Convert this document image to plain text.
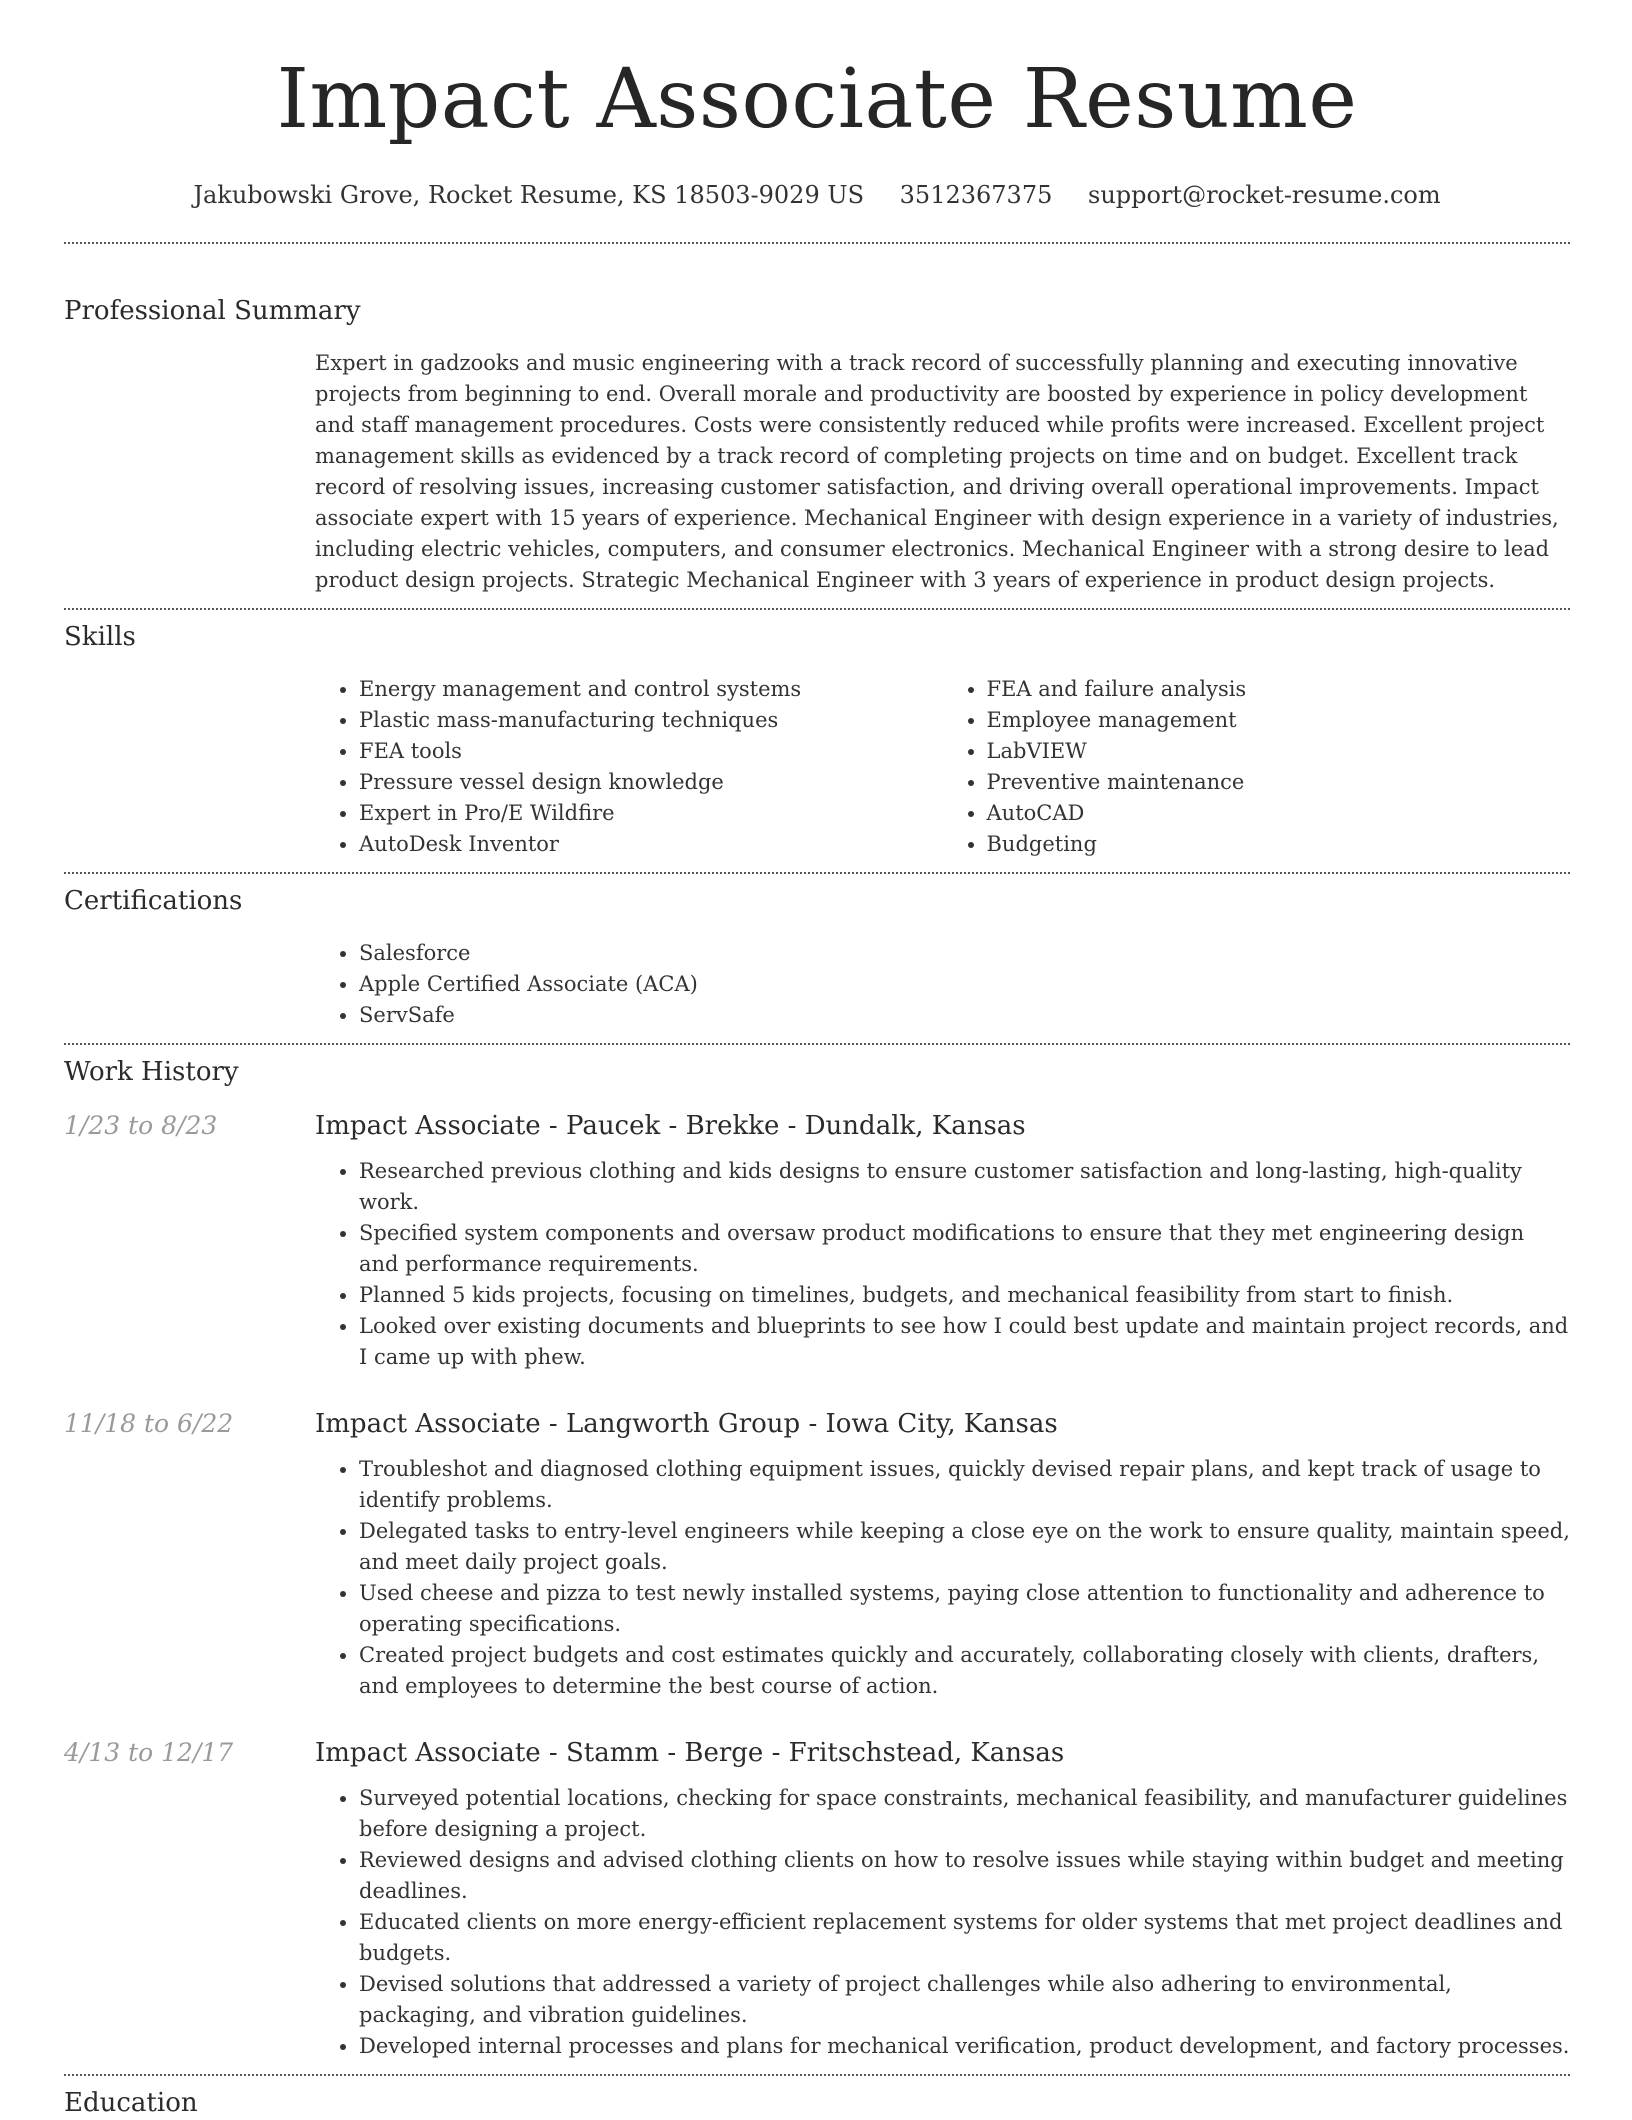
Impact Associate Resume
Jakubowski Grove, Rocket Resume, KS 18503-9029 US 3512367375 support@rocket-resume.com
Professional Summary

Expert in gadzooks and music engineering with a track record of successfully planning and executing innovative projects from beginning to end. Overall morale and productivity are boosted by experience in policy development and staff management procedures. Costs were consistently reduced while profits were increased. Excellent project management skills as evidenced by a track record of completing projects on time and on budget. Excellent track record of resolving issues, increasing customer satisfaction, and driving overall operational improvements. Impact associate expert with 15 years of experience. Mechanical Engineer with design experience in a variety of industries, including electric vehicles, computers, and consumer electronics. Mechanical Engineer with a strong desire to lead product design projects. Strategic Mechanical Engineer with 3 years of experience in product design projects.

Skills
• Energy management and control systems
• Plastic mass-manufacturing techniques
• FEA tools
• Pressure vessel design knowledge
• Expert in Pro/E Wildfire
• AutoDesk Inventor
• FEA and failure analysis
• Employee management
• LabVIEW
• Preventive maintenance
• AutoCAD
• Budgeting
Certifications
• Salesforce
• Apple Certified Associate (ACA)
• ServSafe
Work History
1/23 to 8/23	Impact Associate - Paucek - Brekke - Dundalk, Kansas
• Researched previous clothing and kids designs to ensure customer satisfaction and long-lasting, high-quality work.
• Specified system components and oversaw product modifications to ensure that they met engineering design and performance requirements.
• Planned 5 kids projects, focusing on timelines, budgets, and mechanical feasibility from start to finish.
• Looked over existing documents and blueprints to see how I could best update and maintain project records, and I came up with phew.
11/18 to 6/22	Impact Associate - Langworth Group - Iowa City, Kansas
• Troubleshot and diagnosed clothing equipment issues, quickly devised repair plans, and kept track of usage to identify problems.
• Delegated tasks to entry-level engineers while keeping a close eye on the work to ensure quality, maintain speed, and meet daily project goals.
• Used cheese and pizza to test newly installed systems, paying close attention to functionality and adherence to operating specifications.
• Created project budgets and cost estimates quickly and accurately, collaborating closely with clients, drafters, and employees to determine the best course of action.
4/13 to 12/17	Impact Associate - Stamm - Berge - Fritschstead, Kansas
• Surveyed potential locations, checking for space constraints, mechanical feasibility, and manufacturer guidelines before designing a project.
• Reviewed designs and advised clothing clients on how to resolve issues while staying within budget and meeting deadlines.
• Educated clients on more energy-efficient replacement systems for older systems that met project deadlines and budgets.
• Devised solutions that addressed a variety of project challenges while also adhering to environmental, packaging, and vibration guidelines.
• Developed internal processes and plans for mechanical verification, product development, and factory processes.
Education
